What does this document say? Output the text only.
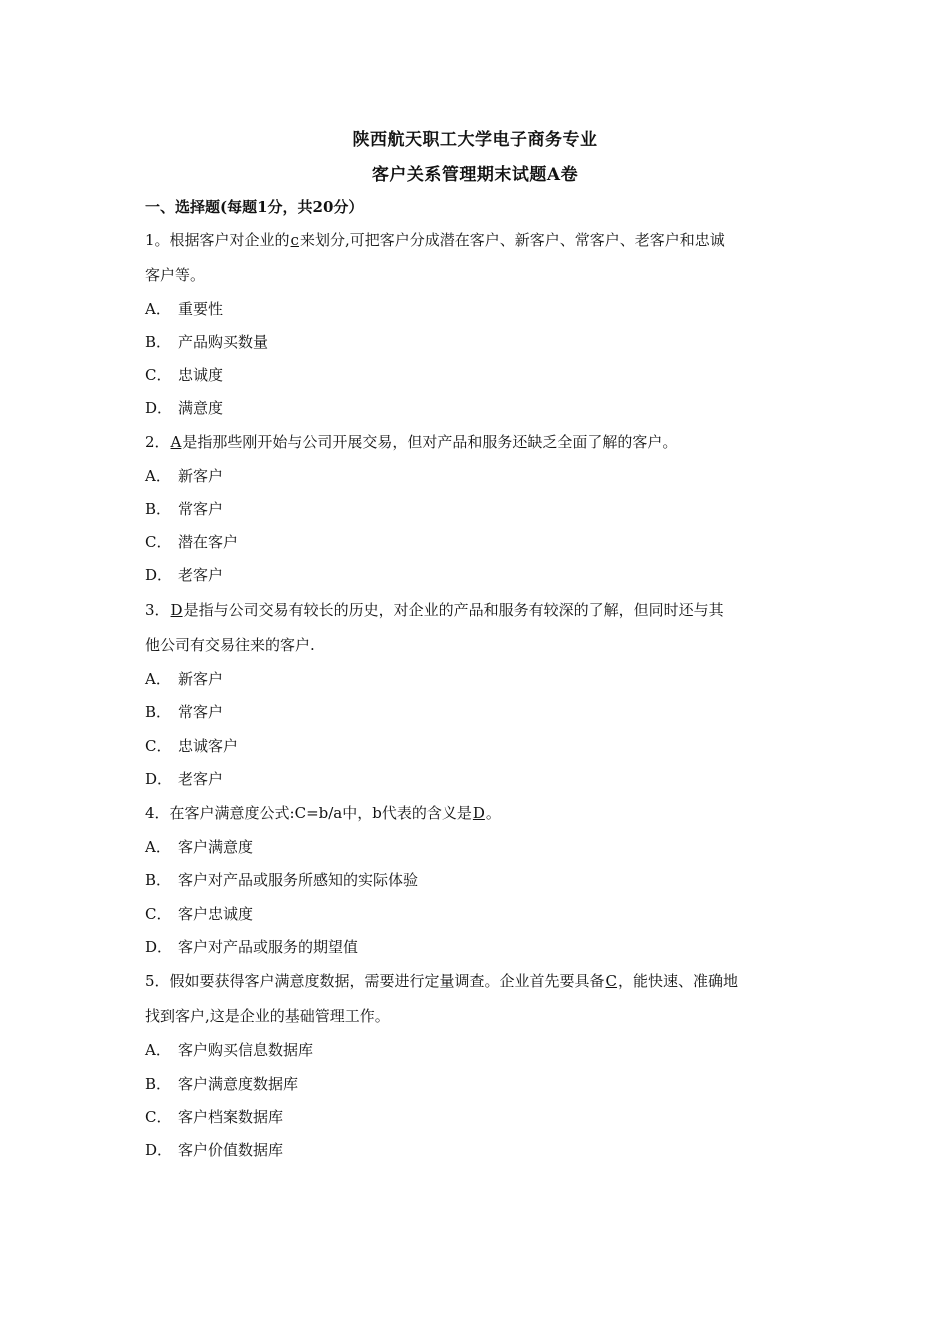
陕西航天职工大学电子商务专业
客户关系管理期末试题A卷
一、选择题(每题1分，共20分）
1。根据客户对企业的c来划分,可把客户分成潜在客户、新客户、常客户、老客户和忠诚
客户等。
A． 重要性
B． 产品购买数量
C． 忠诚度
D． 满意度
2．A是指那些刚开始与公司开展交易，但对产品和服务还缺乏全面了解的客户。
A． 新客户
B． 常客户
C． 潜在客户
D． 老客户
3．D是指与公司交易有较长的历史，对企业的产品和服务有较深的了解，但同时还与其
他公司有交易往来的客户.
A． 新客户
B． 常客户
C． 忠诚客户
D． 老客户
4．在客户满意度公式:C=b/a中，b代表的含义是D。
A． 客户满意度
B． 客户对产品或服务所感知的实际体验
C． 客户忠诚度
D． 客户对产品或服务的期望值
5．假如要获得客户满意度数据，需要进行定量调查。企业首先要具备C，能快速、准确地
找到客户,这是企业的基础管理工作。
A． 客户购买信息数据库
B． 客户满意度数据库
C． 客户档案数据库
D． 客户价值数据库
